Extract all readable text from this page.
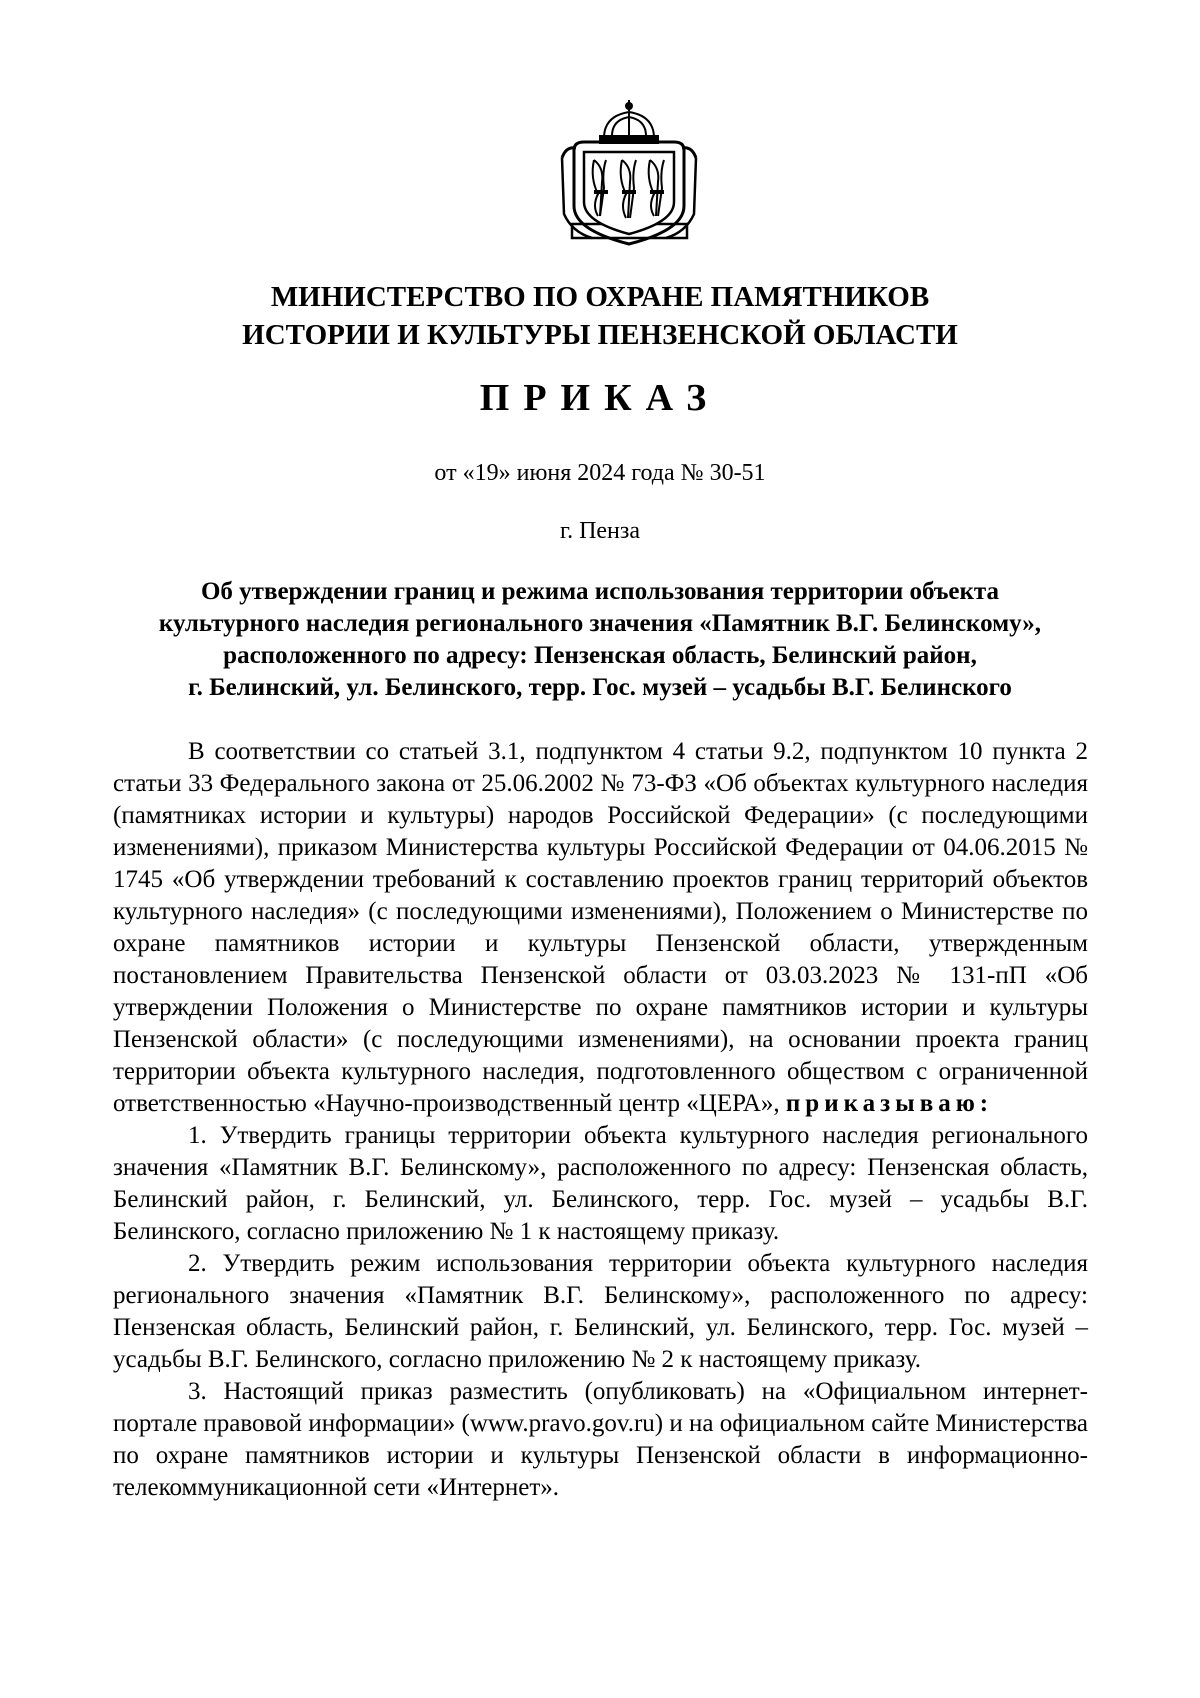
МИНИСТЕРСТВО ПО ОХРАНЕ ПАМЯТНИКОВ
ИСТОРИИ И КУЛЬТУРЫ ПЕНЗЕНСКОЙ ОБЛАСТИ
ПРИКАЗ
от «19» июня 2024 года № 30-51
г. Пенза
Об утверждении границ и режима использования территории объекта
культурного наследия регионального значения «Памятник В.Г. Белинскому»,
расположенного по адресу: Пензенская область, Белинский район,
г. Белинский, ул. Белинского, терр. Гос. музей – усадьбы В.Г. Белинского

В соответствии со статьей 3.1, подпунктом 4 статьи 9.2, подпунктом 10 пункта 2 статьи 33 Федерального закона от 25.06.2002 № 73-ФЗ «Об объектах культурного наследия (памятниках истории и культуры) народов Российской Федерации» (с последующими изменениями), приказом Министерства культуры Российской Федерации от 04.06.2015 № 1745 «Об утверждении требований к составлению проектов границ территорий объектов культурного наследия» (с последующими изменениями), Положением о Министерстве по охране памятников истории и культуры Пензенской области, утвержденным постановлением Правительства Пензенской области от 03.03.2023 № 131-пП «Об утверждении Положения о Министерстве по охране памятников истории и культуры Пензенской области» (с последующими изменениями), на основании проекта границ территории объекта культурного наследия, подготовленного обществом с ограниченной ответственностью «Научно-производственный центр «ЦЕРА», приказываю:

1. Утвердить границы территории объекта культурного наследия регионального значения «Памятник В.Г. Белинскому», расположенного по адресу: Пензенская область, Белинский район, г. Белинский, ул. Белинского, терр. Гос. музей – усадьбы В.Г. Белинского, согласно приложению № 1 к настоящему приказу.

2. Утвердить режим использования территории объекта культурного наследия регионального значения «Памятник В.Г. Белинскому», расположенного по адресу: Пензенская область, Белинский район, г. Белинский, ул. Белинского, терр. Гос. музей – усадьбы В.Г. Белинского, согласно приложению № 2 к настоящему приказу.

3. Настоящий приказ разместить (опубликовать) на «Официальном интернет-портале правовой информации» (www.pravo.gov.ru) и на официальном сайте Министерства по охране памятников истории и культуры Пензенской области в информационно-телекоммуникационной сети «Интернет».
